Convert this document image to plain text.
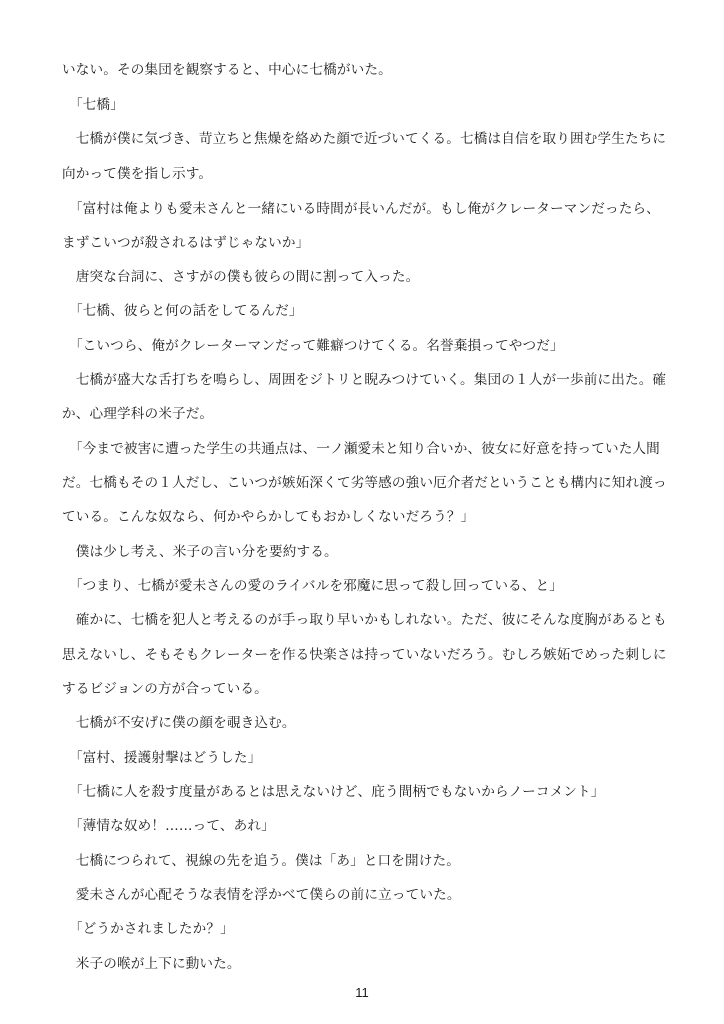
いない。その集団を観察すると、中心に七橋がいた。
　「七橋」
　七橋が僕に気づき、苛立ちと焦燥を絡めた顔で近づいてくる。七橋は自信を取り囲む学生たちに
向かって僕を指し示す。
　「富村は俺よりも愛未さんと一緒にいる時間が長いんだが。もし俺がクレーターマンだったら、
まずこいつが殺されるはずじゃないか」
　唐突な台詞に、さすがの僕も彼らの間に割って入った。
　「七橋、彼らと何の話をしてるんだ」
　「こいつら、俺がクレーターマンだって難癖つけてくる。名誉棄損ってやつだ」
　七橋が盛大な舌打ちを鳴らし、周囲をジトリと睨みつけていく。集団の１人が一歩前に出た。確
か、心理学科の米子だ。
　「今まで被害に遭った学生の共通点は、一ノ瀬愛未と知り合いか、彼女に好意を持っていた人間
だ。七橋もその１人だし、こいつが嫉妬深くて劣等感の強い厄介者だということも構内に知れ渡っ
ている。こんな奴なら、何かやらかしてもおかしくないだろう？」
　僕は少し考え、米子の言い分を要約する。
　「つまり、七橋が愛未さんの愛のライバルを邪魔に思って殺し回っている、と」
　確かに、七橋を犯人と考えるのが手っ取り早いかもしれない。ただ、彼にそんな度胸があるとも
思えないし、そもそもクレーターを作る快楽さは持っていないだろう。むしろ嫉妬でめった刺しに
するビジョンの方が合っている。
　七橋が不安げに僕の顔を覗き込む。
　「富村、援護射撃はどうした」
　「七橋に人を殺す度量があるとは思えないけど、庇う間柄でもないからノーコメント」
　「薄情な奴め！……って、あれ」
　七橋につられて、視線の先を追う。僕は「あ」と口を開けた。
　愛未さんが心配そうな表情を浮かべて僕らの前に立っていた。
　「どうかされましたか？」
　米子の喉が上下に動いた。
11
